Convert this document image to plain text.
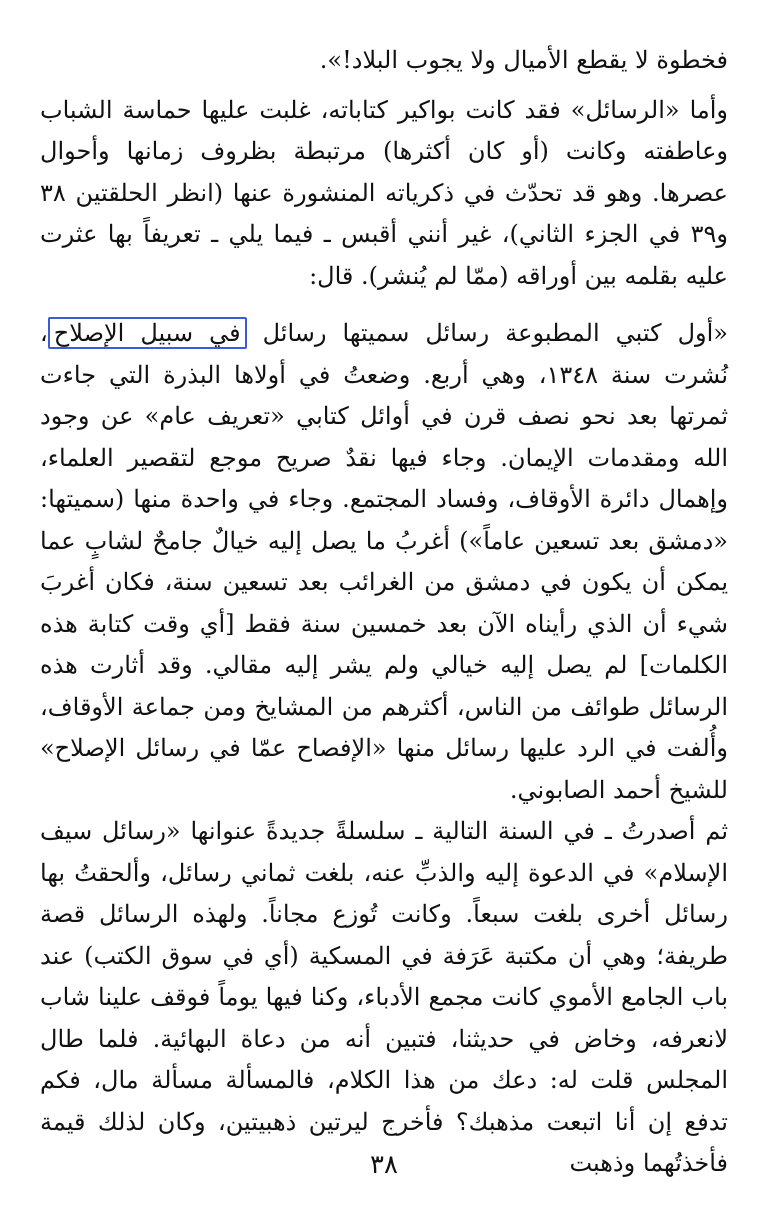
فخطوة لا يقطع الأميال ولا يجوب البلاد!».

وأما «الرسائل» فقد كانت بواكير كتاباته، غلبت عليها حماسة الشباب وعاطفته وكانت (أو كان أكثرها) مرتبطة بظروف زمانها وأحوال عصرها. وهو قد تحدّث في ذكرياته المنشورة عنها (انظر الحلقتين ٣٨ و٣٩ في الجزء الثاني)، غير أنني أقبس ـ فيما يلي ـ تعريفاً بها عثرت عليه بقلمه بين أوراقه (ممّا لم يُنشر). قال:

«أول كتبي المطبوعة رسائل سميتها رسائل في سبيل الإصلاح، نُشرت سنة ١٣٤٨، وهي أربع. وضعتُ في أولاها البذرة التي جاءت ثمرتها بعد نحو نصف قرن في أوائل كتابي «تعريف عام» عن وجود الله ومقدمات الإيمان. وجاء فيها نقدٌ صريح موجع لتقصير العلماء، وإهمال دائرة الأوقاف، وفساد المجتمع. وجاء في واحدة منها (سميتها: «دمشق بعد تسعين عاماً») أغربُ ما يصل إليه خيالٌ جامحٌ لشابٍ عما يمكن أن يكون في دمشق من الغرائب بعد تسعين سنة، فكان أغربَ شيء أن الذي رأيناه الآن بعد خمسين سنة فقط [أي وقت كتابة هذه الكلمات] لم يصل إليه خيالي ولم يشر إليه مقالي. وقد أثارت هذه الرسائل طوائف من الناس، أكثرهم من المشايخ ومن جماعة الأوقاف، وأُلفت في الرد عليها رسائل منها «الإفصاح عمّا في رسائل الإصلاح» للشيخ أحمد الصابوني.

ثم أصدرتُ ـ في السنة التالية ـ سلسلةً جديدةً عنوانها «رسائل سيف الإسلام» في الدعوة إليه والذبِّ عنه، بلغت ثماني رسائل، وألحقتُ بها رسائل أخرى بلغت سبعاً. وكانت تُوزع مجاناً. ولهذه الرسائل قصة طريفة؛ وهي أن مكتبة عَرَفة في المسكية (أي في سوق الكتب) عند باب الجامع الأموي كانت مجمع الأدباء، وكنا فيها يوماً فوقف علينا شاب لانعرفه، وخاض في حديثنا، فتبين أنه من دعاة البهائية. فلما طال المجلس قلت له: دعك من هذا الكلام، فالمسألة مسألة مال، فكم تدفع إن أنا اتبعت مذهبك؟ فأخرج ليرتين ذهبيتين، وكان لذلك قيمة فأخذتُهما وذهبت

٣٨
